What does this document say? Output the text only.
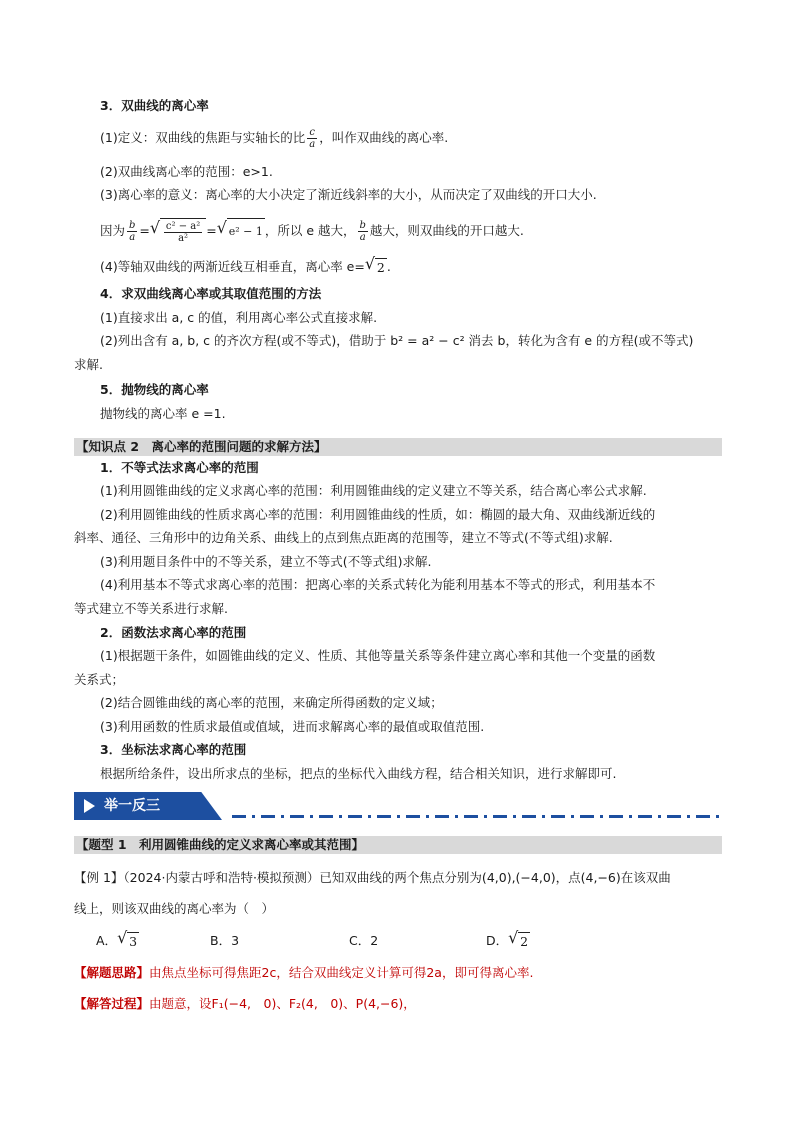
3．双曲线的离心率
(1)定义：双曲线的焦距与实轴长的比 $\frac{c}{a}$ ，叫作双曲线的离心率.
(2)双曲线离心率的范围：e>1.
(3)离心率的意义：离心率的大小决定了渐近线斜率的大小，从而决定了双曲线的开口大小.
因为 $\frac{b}{a}$ = √ $\frac{\text{c² − a²}}{\text{a²}}$ = √ e² − 1 ，所以 e 越大， $\frac{b}{a}$ 越大，则双曲线的开口越大.
(4)等轴双曲线的两渐近线互相垂直，离心率 e= √ 2 .
4．求双曲线离心率或其取值范围的方法
(1)直接求出 a, c 的值，利用离心率公式直接求解.
(2)列出含有 a, b, c 的齐次方程(或不等式)，借助于 b² = a² − c² 消去 b，转化为含有 e 的方程(或不等式)
求解.
5．抛物线的离心率
抛物线的离心率 e =1.
【知识点 2　离心率的范围问题的求解方法】
1．不等式法求离心率的范围
(1)利用圆锥曲线的定义求离心率的范围：利用圆锥曲线的定义建立不等关系，结合离心率公式求解.
(2)利用圆锥曲线的性质求离心率的范围：利用圆锥曲线的性质，如：椭圆的最大角、双曲线渐近线的
斜率、通径、三角形中的边角关系、曲线上的点到焦点距离的范围等，建立不等式(不等式组)求解.
(3)利用题目条件中的不等关系，建立不等式(不等式组)求解.
(4)利用基本不等式求离心率的范围：把离心率的关系式转化为能利用基本不等式的形式，利用基本不
等式建立不等关系进行求解.
2．函数法求离心率的范围
(1)根据题干条件，如圆锥曲线的定义、性质、其他等量关系等条件建立离心率和其他一个变量的函数
关系式；
(2)结合圆锥曲线的离心率的范围，来确定所得函数的定义域；
(3)利用函数的性质求最值或值域，进而求解离心率的最值或取值范围.
3．坐标法求离心率的范围
根据所给条件，设出所求点的坐标，把点的坐标代入曲线方程，结合相关知识，进行求解即可.
举一反三
【题型 1　利用圆锥曲线的定义求离心率或其范围】
【例 1】（2024·内蒙古呼和浩特·模拟预测）已知双曲线的两个焦点分别为(4,0),(−4,0)，点(4,−6)在该双曲
线上，则该双曲线的离心率为（　）
A． √ 3	B．3	C．2	D． √ 2
【解题思路】由焦点坐标可得焦距2c，结合双曲线定义计算可得2a，即可得离心率.
【解答过程】由题意，设F₁(−4,　0)、F₂(4,　0)、P(4,−6)，
